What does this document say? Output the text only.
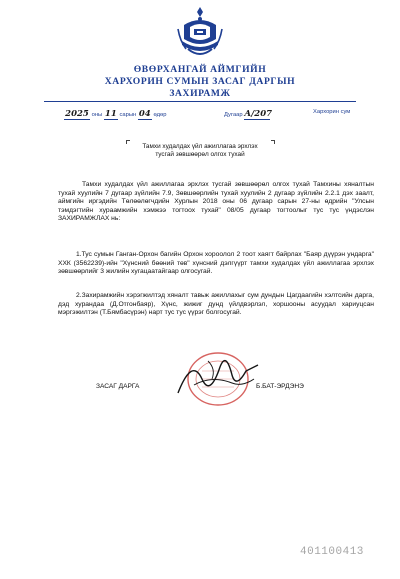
ӨВӨРХАНГАЙ АЙМГИЙН
ХАРХОРИН СУМЫН ЗАСАГ ДАРГЫН
ЗАХИРАМЖ
2025 оны 11 сарын 04 өдөр	Дугаар А/207	Хархорин сум
Тамхи худалдах үйл ажиллагаа эрхлэх
тусгай зөвшөөрөл олгох тухай
Тамхи худалдах үйл ажиллагаа эрхлэх тусгай зөвшөөрөл олгох тухай Тамхины хяналтын тухай хуулийн 7 дугаар зүйлийн 7.9, Зөвшөөрлийн тухай хуулийн 2 дугаар зүйлийн 2.2.1 дэх заалт, аймгийн иргэдийн Төлөөлөгчдийн Хурлын 2018 оны 06 дугаар сарын 27-ны өдрийн "Улсын тэмдэгтийн хураамжийн хэмжээ тогтоох тухай" 08/05 дугаар тогтоолыг тус тус үндэслэн ЗАХИРАМЖЛАХ нь:
1.Тус сумын Ганган-Орхон багийн Орхон хороолол 2 тоот хаягт байрлах "Баяр дүүрэн ундарга" ХХК (3562239)-ийн "Хүнсний бөөний төв" хүнсний дэлгүүрт тамхи худалдах үйл ажиллагаа эрхлэх зөвшөөрлийг 3 жилийн хугацаатайгаар олгосугай.
2.Захирамжийн хэрэгжилтэд хяналт тавьж ажиллахыг сум дундын Цагдаагийн хэлтсийн дарга, дэд хурандаа (Д.Отгонбаяр), Хүнс, жижиг дунд үйлдвэрлэл, хоршооны асуудал хариуцсан мэргэжилтэн (Т.Бямбасүрэн) нарт тус тус үүрэг болгосугай.
ЗАСАГ ДАРГА	Б.БАТ-ЭРДЭНЭ
401100413
